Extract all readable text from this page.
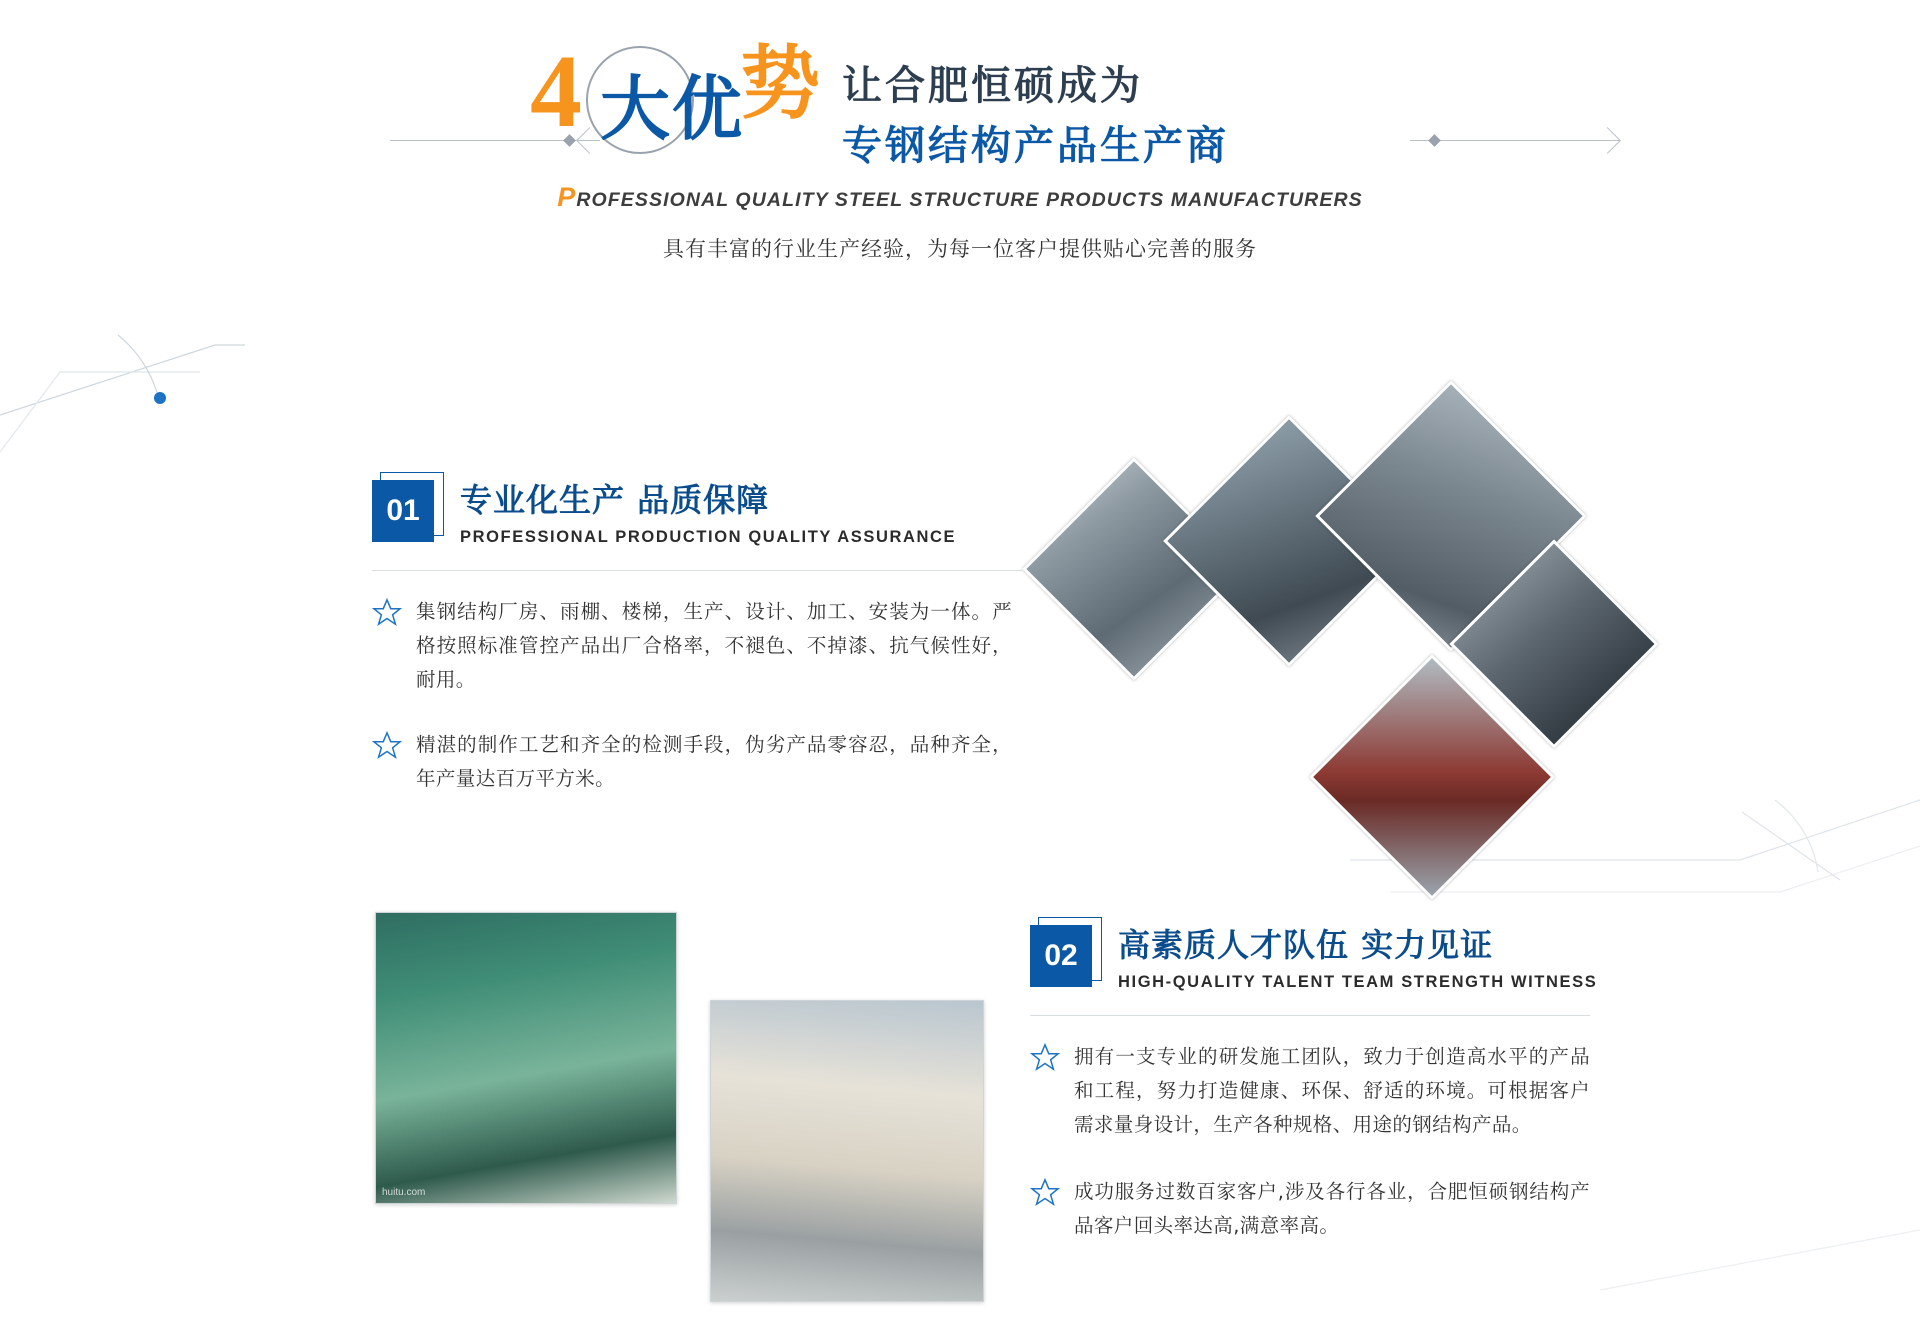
4 大优
势 让合肥恒硕成为
专钢结构产品生产商
PROFESSIONAL QUALITY STEEL STRUCTURE PRODUCTS MANUFACTURERS
具有丰富的行业生产经验，为每一位客户提供贴心完善的服务
01	专业化生产 品质保障
PROFESSIONAL PRODUCTION QUALITY ASSURANCE
集钢结构厂房、雨棚、楼梯，生产、设计、加工、安装为一体。严格按照标准管控产品出厂合格率，不褪色、不掉漆、抗气候性好，耐用。
精湛的制作工艺和齐全的检测手段，伪劣产品零容忍，品种齐全，年产量达百万平方米。
02	高素质人才队伍 实力见证
HIGH-QUALITY TALENT TEAM STRENGTH WITNESS
拥有一支专业的研发施工团队，致力于创造高水平的产品和工程，努力打造健康、环保、舒适的环境。可根据客户需求量身设计，生产各种规格、用途的钢结构产品。
成功服务过数百家客户,涉及各行各业，合肥恒硕钢结构产品客户回头率达高,满意率高。
huitu.com
